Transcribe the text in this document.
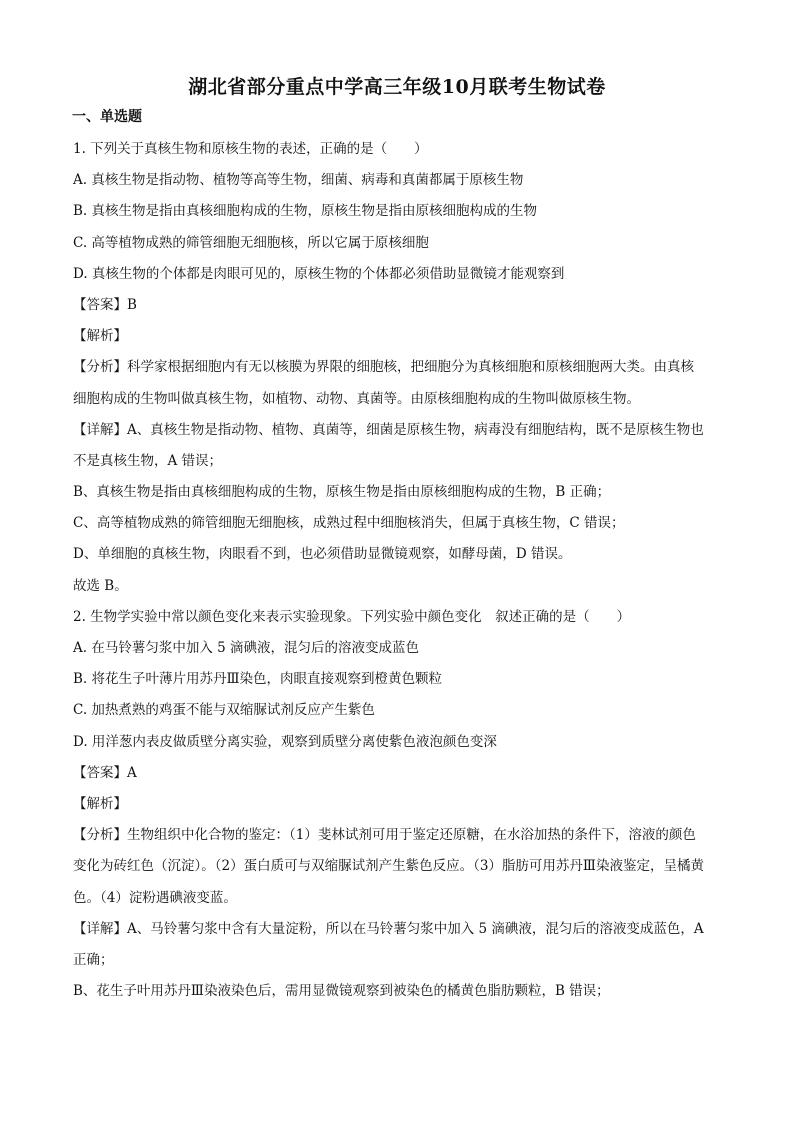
湖北省部分重点中学高三年级10月联考生物试卷
一、单选题
1. 下列关于真核生物和原核生物的表述，正确的是（　　）
A. 真核生物是指动物、植物等高等生物，细菌、病毒和真菌都属于原核生物
B. 真核生物是指由真核细胞构成的生物，原核生物是指由原核细胞构成的生物
C. 高等植物成熟的筛管细胞无细胞核，所以它属于原核细胞
D. 真核生物的个体都是肉眼可见的，原核生物的个体都必须借助显微镜才能观察到
【答案】B
【解析】
【分析】科学家根据细胞内有无以核膜为界限的细胞核，把细胞分为真核细胞和原核细胞两大类。由真核
细胞构成的生物叫做真核生物，如植物、动物、真菌等。由原核细胞构成的生物叫做原核生物。
【详解】A、真核生物是指动物、植物、真菌等，细菌是原核生物，病毒没有细胞结构，既不是原核生物也
不是真核生物，A 错误；
B、真核生物是指由真核细胞构成的生物，原核生物是指由原核细胞构成的生物，B 正确；
C、高等植物成熟的筛管细胞无细胞核，成熟过程中细胞核消失，但属于真核生物，C 错误；
D、单细胞的真核生物，肉眼看不到，也必须借助显微镜观察，如酵母菌，D 错误。
故选 B。
2. 生物学实验中常以颜色变化来表示实验现象。下列实验中颜色变化　叙述正确的是（　　）
A. 在马铃薯匀浆中加入 5 滴碘液，混匀后的溶液变成蓝色
B. 将花生子叶薄片用苏丹Ⅲ染色，肉眼直接观察到橙黄色颗粒
C. 加热煮熟的鸡蛋不能与双缩脲试剂反应产生紫色
D. 用洋葱内表皮做质壁分离实验，观察到质壁分离使紫色液泡颜色变深
【答案】A
【解析】
【分析】生物组织中化合物的鉴定：（1）斐林试剂可用于鉴定还原糖，在水浴加热的条件下，溶液的颜色
变化为砖红色（沉淀）。（2）蛋白质可与双缩脲试剂产生紫色反应。（3）脂肪可用苏丹Ⅲ染液鉴定，呈橘黄
色。（4）淀粉遇碘液变蓝。
【详解】A、马铃薯匀浆中含有大量淀粉，所以在马铃薯匀浆中加入 5 滴碘液，混匀后的溶液变成蓝色，A
正确；
B、花生子叶用苏丹Ⅲ染液染色后，需用显微镜观察到被染色的橘黄色脂肪颗粒，B 错误；
